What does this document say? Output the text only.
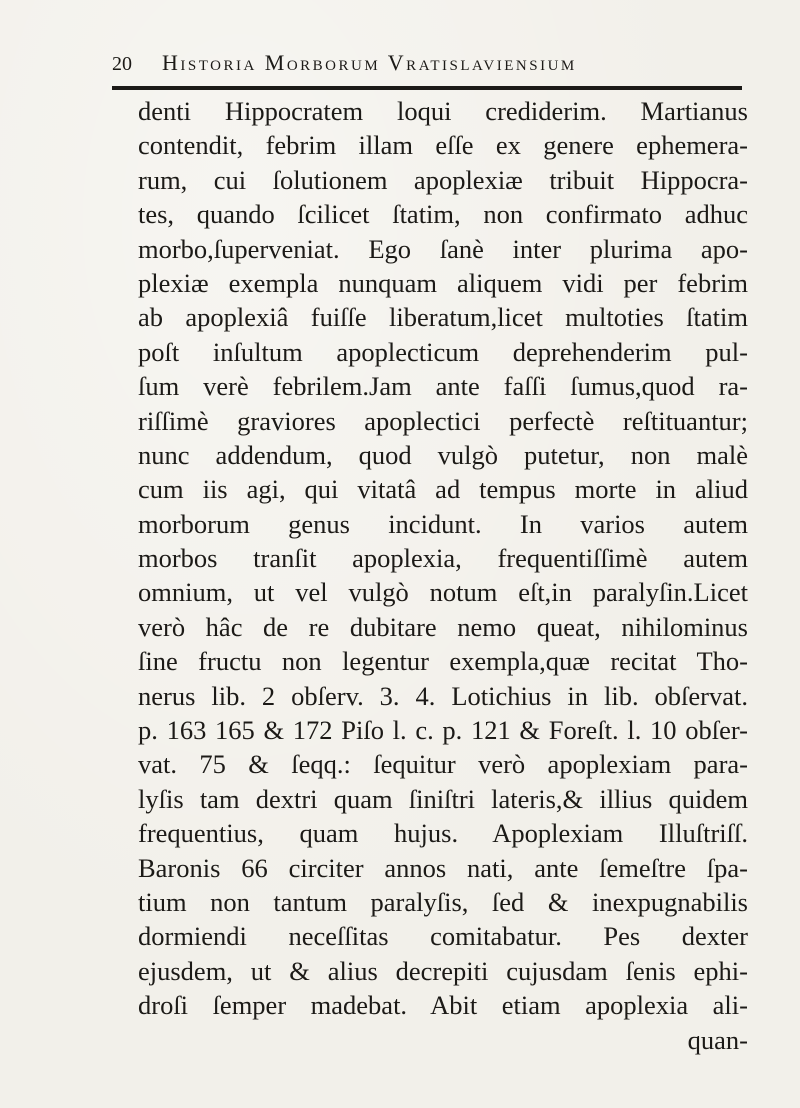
20 Historia Morborum Vratislaviensium
denti Hippocratem loqui crediderim. Martianus
contendit, febrim illam eſſe ex genere ephemera-
rum, cui ſolutionem apoplexiæ tribuit Hippocra-
tes, quando ſcilicet ſtatim, non confirmato adhuc
morbo,ſuperveniat. Ego ſanè inter plurima apo-
plexiæ exempla nunquam aliquem vidi per febrim
ab apoplexiâ fuiſſe liberatum,licet multoties ſtatim
poſt inſultum apoplecticum deprehenderim pul-
ſum verè febrilem.Jam ante faſſi ſumus,quod ra-
riſſimè graviores apoplectici perfectè reſtituantur;
nunc addendum, quod vulgò putetur, non malè
cum iis agi, qui vitatâ ad tempus morte in aliud
morborum genus incidunt. In varios autem
morbos tranſit apoplexia, frequentiſſimè autem
omnium, ut vel vulgò notum eſt,in paralyſin.Licet
verò hâc de re dubitare nemo queat, nihilominus
ſine fructu non legentur exempla,quæ recitat Tho-
nerus lib. 2 obſerv. 3. 4. Lotichius in lib. obſervat.
p. 163 165 & 172 Piſo l. c. p. 121 & Foreſt. l. 10 obſer-
vat. 75 & ſeqq.: ſequitur verò apoplexiam para-
lyſis tam dextri quam ſiniſtri lateris,& illius quidem
frequentius, quam hujus. Apoplexiam Illuſtriſſ.
Baronis 66 circiter annos nati, ante ſemeſtre ſpa-
tium non tantum paralyſis, ſed & inexpugnabilis
dormiendi neceſſitas comitabatur. Pes dexter
ejusdem, ut & alius decrepiti cujusdam ſenis ephi-
droſi ſemper madebat. Abit etiam apoplexia ali-
quan-
